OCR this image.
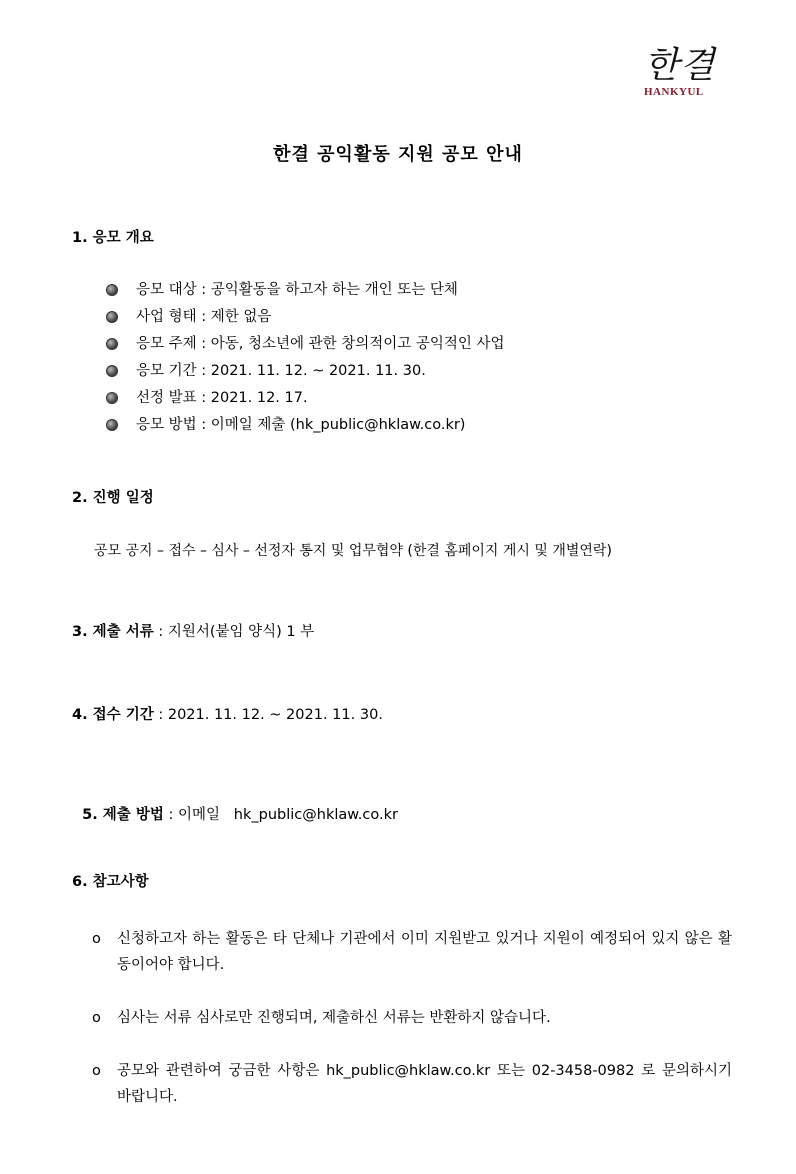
한결
HANKYUL
한결 공익활동 지원 공모 안내
1. 응모 개요
응모 대상 : 공익활동을 하고자 하는 개인 또는 단체
사업 형태 : 제한 없음
응모 주제 : 아동, 청소년에 관한 창의적이고 공익적인 사업
응모 기간 : 2021. 11. 12. ~ 2021. 11. 30.
선정 발표 : 2021. 12. 17.
응모 방법 : 이메일 제출 (hk_public@hklaw.co.kr)
2. 진행 일정
공모 공지 – 접수 – 심사 – 선정자 통지 및 업무협약 (한결 홈페이지 게시 및 개별연락)
3. 제출 서류 : 지원서(붙임 양식) 1 부
4. 접수 기간 : 2021. 11. 12. ~ 2021. 11. 30.

5. 제출 방법 : 이메일   hk_public@hklaw.co.kr

6. 참고사항
o 신청하고자 하는 활동은 타 단체나 기관에서 이미 지원받고 있거나 지원이 예정되어 있지 않은 활동이어야 합니다.
o 심사는 서류 심사로만 진행되며, 제출하신 서류는 반환하지 않습니다.
o 공모와 관련하여 궁금한 사항은 hk_public@hklaw.co.kr 또는 02-3458-0982 로 문의하시기 바랍니다.
